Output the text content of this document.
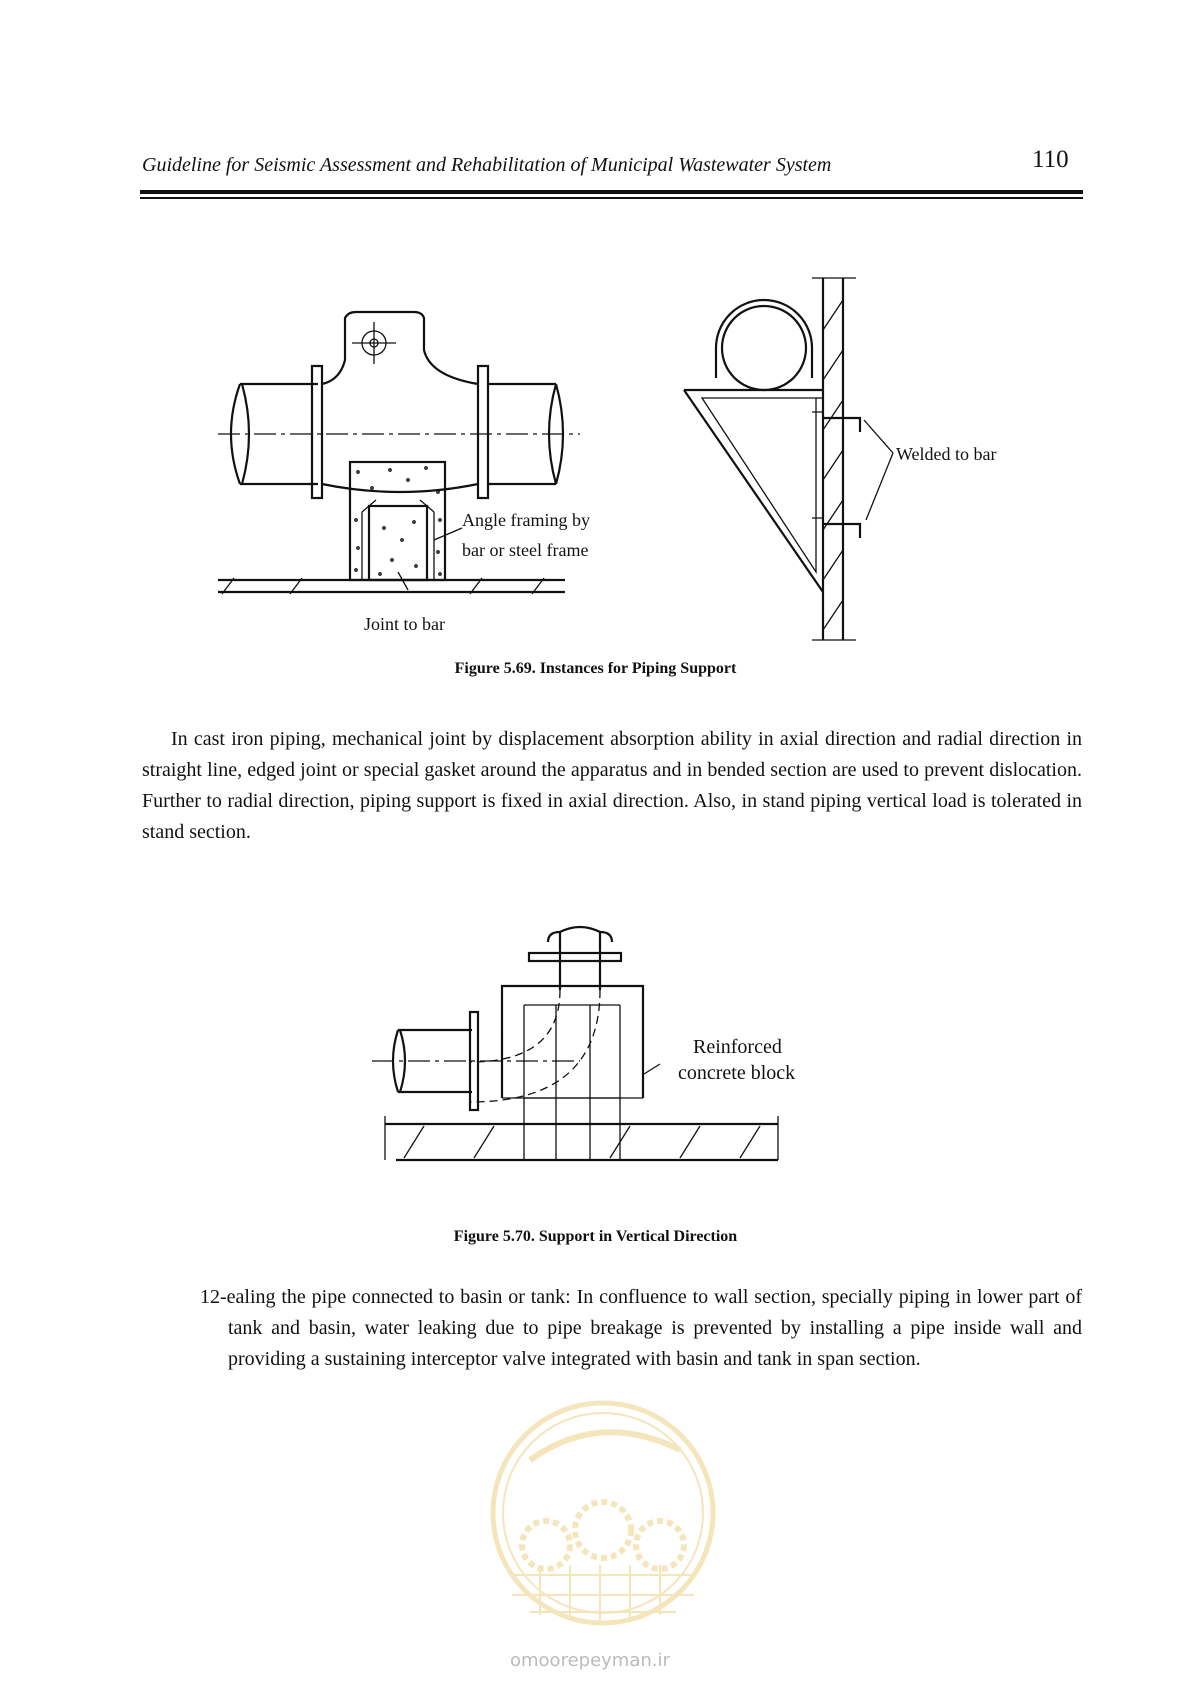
Guideline for Seismic Assessment and Rehabilitation of Municipal Wastewater System	110
Angle framing by
bar or steel frame
Joint to bar
Welded to bar
Figure 5.69. Instances for Piping Support
In cast iron piping, mechanical joint by displacement absorption ability in axial direction and radial direction in straight line, edged joint or special gasket around the apparatus and in bended section are used to prevent dislocation. Further to radial direction, piping support is fixed in axial direction. Also, in stand piping vertical load is tolerated in stand section.
Reinforced
concrete block
Figure 5.70. Support in Vertical Direction
12-ealing the pipe connected to basin or tank: In confluence to wall section, specially piping in lower part of tank and basin, water leaking due to pipe breakage is prevented by installing a pipe inside wall and providing a sustaining interceptor valve integrated with basin and tank in span section.
omoorepeyman.ir
